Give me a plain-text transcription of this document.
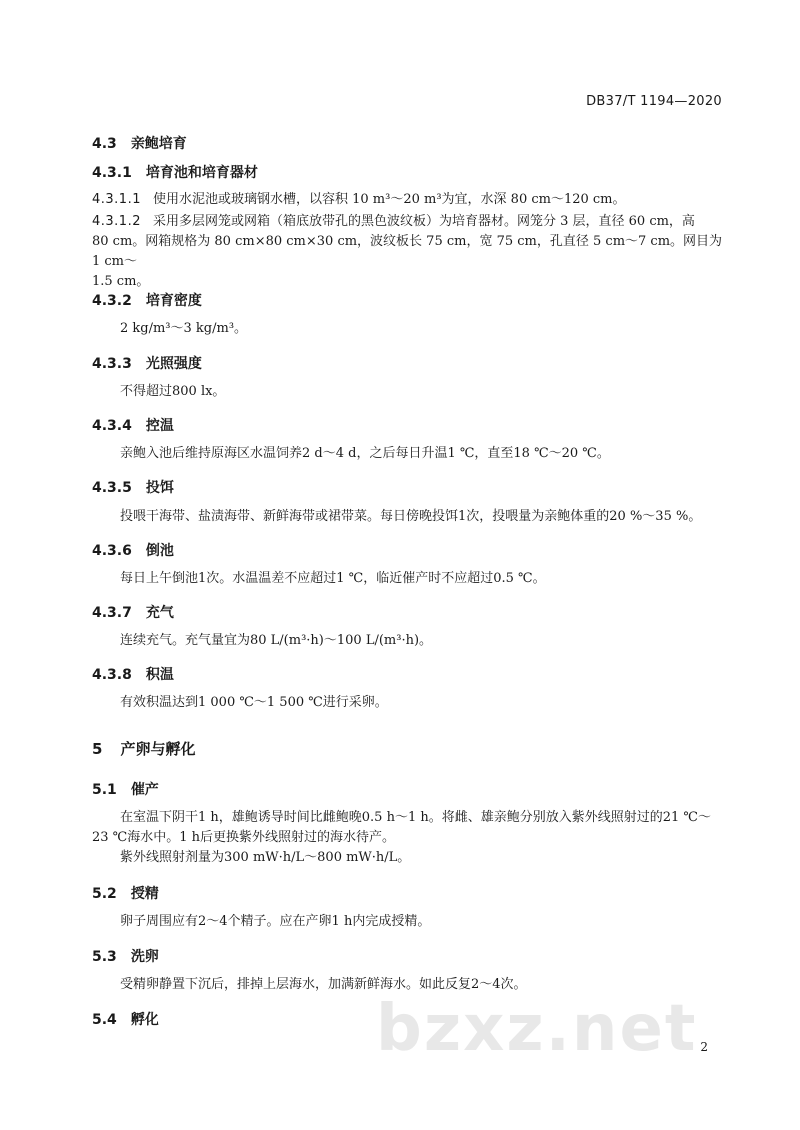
DB37/T 1194—2020
4.3 亲鲍培育
4.3.1 培育池和培育器材
4.3.1.1 使用水泥池或玻璃钢水槽，以容积 10 m³～20 m³为宜，水深 80 cm～120 cm。
4.3.1.2 采用多层网笼或网箱（箱底放带孔的黑色波纹板）为培育器材。网笼分 3 层，直径 60 cm，高
80 cm。网箱规格为 80 cm×80 cm×30 cm，波纹板长 75 cm，宽 75 cm，孔直径 5 cm～7 cm。网目为 1 cm～
1.5 cm。
4.3.2 培育密度
2 kg/m³～3 kg/m³。
4.3.3 光照强度
不得超过800 lx。
4.3.4 控温
亲鲍入池后维持原海区水温饲养2 d～4 d，之后每日升温1 ℃，直至18 ℃～20 ℃。
4.3.5 投饵
投喂干海带、盐渍海带、新鲜海带或裙带菜。每日傍晚投饵1次，投喂量为亲鲍体重的20 %～35 %。
4.3.6 倒池
每日上午倒池1次。水温温差不应超过1 ℃，临近催产时不应超过0.5 ℃。
4.3.7 充气
连续充气。充气量宜为80 L/(m³·h)～100 L/(m³·h)。
4.3.8 积温
有效积温达到1 000 ℃～1 500 ℃进行采卵。
5 产卵与孵化
5.1 催产
在室温下阴干1 h，雄鲍诱导时间比雌鲍晚0.5 h～1 h。将雌、雄亲鲍分别放入紫外线照射过的21 ℃～
23 ℃海水中。1 h后更换紫外线照射过的海水待产。
紫外线照射剂量为300 mW·h/L～800 mW·h/L。
5.2 授精
卵子周围应有2～4个精子。应在产卵1 h内完成授精。
5.3 洗卵
受精卵静置下沉后，排掉上层海水，加满新鲜海水。如此反复2～4次。
5.4 孵化	bzxz.net 2
